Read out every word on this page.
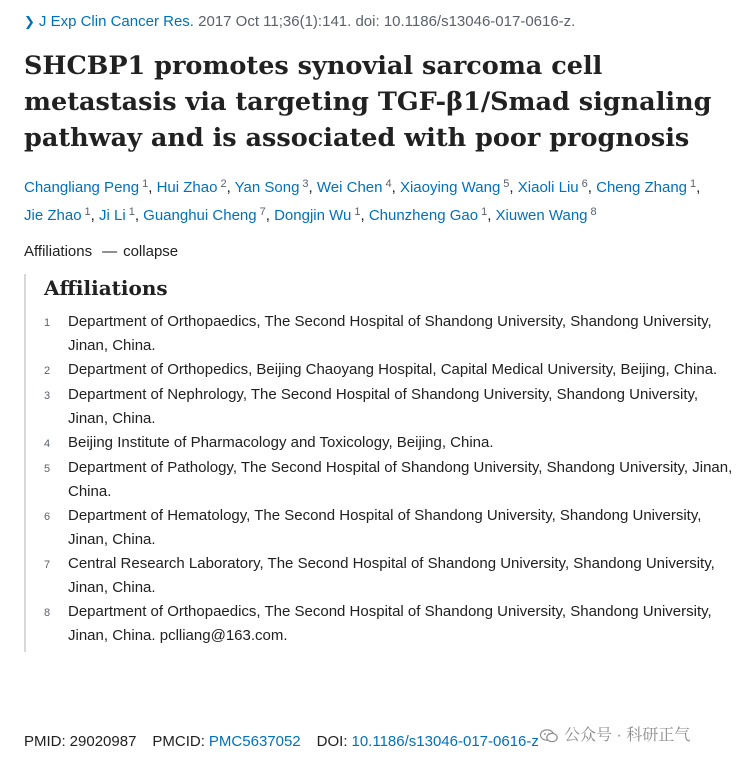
❯ J Exp Clin Cancer Res. 2017 Oct 11;36(1):141. doi: 10.1186/s13046-017-0616-z.
SHCBP1 promotes synovial sarcoma cell metastasis via targeting TGF-β1/Smad signaling pathway and is associated with poor prognosis
Changliang Peng $^1$, Hui Zhao $^2$, Yan Song $^3$, Wei Chen $^4$, Xiaoying Wang $^5$, Xiaoli Liu $^6$, Cheng Zhang $^1$, Jie Zhao $^1$, Ji Li $^1$, Guanghui Cheng $^7$, Dongjin Wu $^1$, Chunzheng Gao $^1$, Xiuwen Wang $^8$
Affiliations — collapse
Affiliations
1	Department of Orthopaedics, The Second Hospital of Shandong University, Shandong University, Jinan, China.
2	Department of Orthopedics, Beijing Chaoyang Hospital, Capital Medical University, Beijing, China.
3	Department of Nephrology, The Second Hospital of Shandong University, Shandong University, Jinan, China.
4	Beijing Institute of Pharmacology and Toxicology, Beijing, China.
5	Department of Pathology, The Second Hospital of Shandong University, Shandong University, Jinan, China.
6	Department of Hematology, The Second Hospital of Shandong University, Shandong University, Jinan, China.
7	Central Research Laboratory, The Second Hospital of Shandong University, Shandong University, Jinan, China.
8	Department of Orthopaedics, The Second Hospital of Shandong University, Shandong University, Jinan, China. pclliang@163.com.
PMID: 29020987 PMCID: PMC5637052 DOI: 10.1186/s13046-017-0616-z 公众号 · 科研正气
